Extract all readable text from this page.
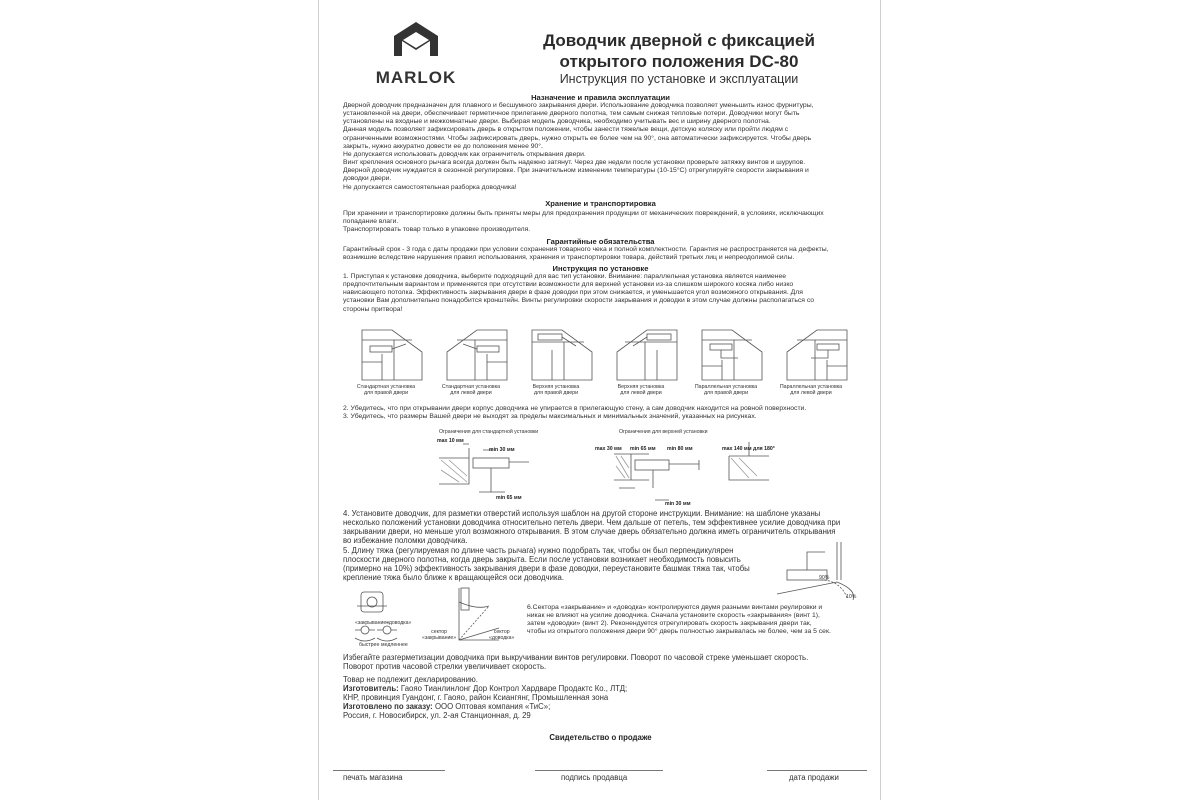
MARLOK
Доводчик дверной с фиксацией
открытого положения DC-80
Инструкция по установке и эксплуатации
Назначение и правила эксплуатации
Дверной доводчик предназначен для плавного и бесшумного закрывания двери. Использование доводчика позволяет уменьшить износ фурнитуры,
установленной на двери, обеспечивает герметичное прилегание дверного полотна, тем самым снижая тепловые потери. Доводчики могут быть
установлены на входные и межкомнатные двери. Выбирая модель доводчика, необходимо учитывать вес и ширину дверного полотна.
Данная модель позволяет зафиксировать дверь в открытом положении, чтобы занести тяжелые вещи, детскую коляску или пройти людям с
ограниченными возможностями. Чтобы зафиксировать дверь, нужно открыть ее более чем на 90°, она автоматически зафиксируется. Чтобы дверь
закрыть, нужно аккуратно довести ее до положения менее 90°.
Не допускается использовать доводчик как ограничитель открывания двери.
Винт крепления основного рычага всегда должен быть надежно затянут. Через две недели после установки проверьте затяжку винтов и шурупов.
Дверной доводчик нуждается в сезонной регулировке. При значительном изменении температуры (10-15°С) отрегулируйте скорости закрывания и
доводки двери.
Не допускается самостоятельная разборка доводчика!
Хранение и транспортировка
При хранении и транспортировке должны быть приняты меры для предохранения продукции от механических повреждений, в условиях, исключающих
попадание влаги.
Транспортировать товар только в упаковке производителя.
Гарантийные обязательства
Гарантийный срок - 3 года с даты продажи при условии сохранения товарного чека и полной комплектности. Гарантия не распространяется на дефекты,
возникшие вследствие нарушения правил использования, хранения и транспортировки товара, действий третьих лиц и непреодолимой силы.
Инструкция по установке
1. Приступая к установке доводчика, выберите подходящий для вас тип установки. Внимание: параллельная установка является наименее
предпочтительным вариантом и применяется при отсутствии возможности для верхней установки из-за слишком широкого косяка либо низко
нависающего потолка. Эффективность закрывания двери в фазе доводки при этом снижается, и уменьшается угол возможного открывания. Для
установки Вам дополнительно понадобится кронштейн. Винты регулировки скорости закрывания и доводки в этом случае должны располагаться со
стороны притвора!
Стандартная установка
для правой двери
Стандартная установка
для левой двери
Верхняя установка
для правой двери
Верхняя установка
для левой двери
Параллельная установка
для правой двери
Параллельная установка
для левой двери
2. Убедитесь, что при открывании двери корпус доводчика не упирается в прилегающую стену, а сам доводчик находится на ровной поверхности.
3. Убедитесь, что размеры Вашей двери не выходят за пределы максимальных и минимальных значений, указанных на рисунках.
Ограничения для стандартной установки	Ограничения для верхней установки
max 10 мм
min 30 мм
min 65 мм
max 30 мм min 65 мм min 80 мм	max 140 мм для 180°
min 30 мм
4. Установите доводчик, для разметки отверстий используя шаблон на другой стороне инструкции. Внимание: на шаблоне указаны
несколько положений установки доводчика относительно петель двери. Чем дальше от петель, тем эффективнее усилие доводчика при
закрывании двери, но меньше угол возможного открывания. В этом случае дверь обязательно должна иметь ограничитель открывания
во избежание поломки доводчика.
5. Длину тяжа (регулируемая по длине часть рычага) нужно подобрать так, чтобы он был перпендикулярен
плоскости дверного полотна, когда дверь закрыта. Если после установки возникает необходимость повысить
(примерно на 10%) эффективность закрывания двери в фазе доводки, переустановите башмак тяжа так, чтобы
крепление тяжа было ближе к вращающейся оси доводчика.	90%
10%
«закрывание»
«доводка»
быстрее медленнее
сектор
«закрывание»
сектор
«доводка»
6.Сектора «закрывание» и «доводка» контролируются двумя разными винтами реулировки и
никак не влияют на усилие доводчика. Сначала установите скорость «закрывания» (винт 1),
затем «доводки» (винт 2). Реконендуется отрегулировать скорость закрывания двери так,
чтобы из открытого положения двери 90° дверь полностью закрывалась не более, чем за 5 сек.
Избегайте разгерметизации доводчика при выкручивании винтов регулировки. Поворот по часовой стреке уменьшает скорость.
Поворот против часовой стрелки увеличивает скорость.
Товар не подлежит декларированию.
Изготовитель: Гаояо Тианлинлонг Дор Контрол Хардваре Продактс Ко., ЛТД;
КНР, провинция Гуандонг, г. Гаояо, район Ксиангянг, Промышленная зона
Изготовлено по заказу: ООО Оптовая компания «ТиС»;
Россия, г. Новосибирск, ул. 2-ая Станционная, д. 29
Свидетельство о продаже
печать магазина	подпись продавца	дата продажи
